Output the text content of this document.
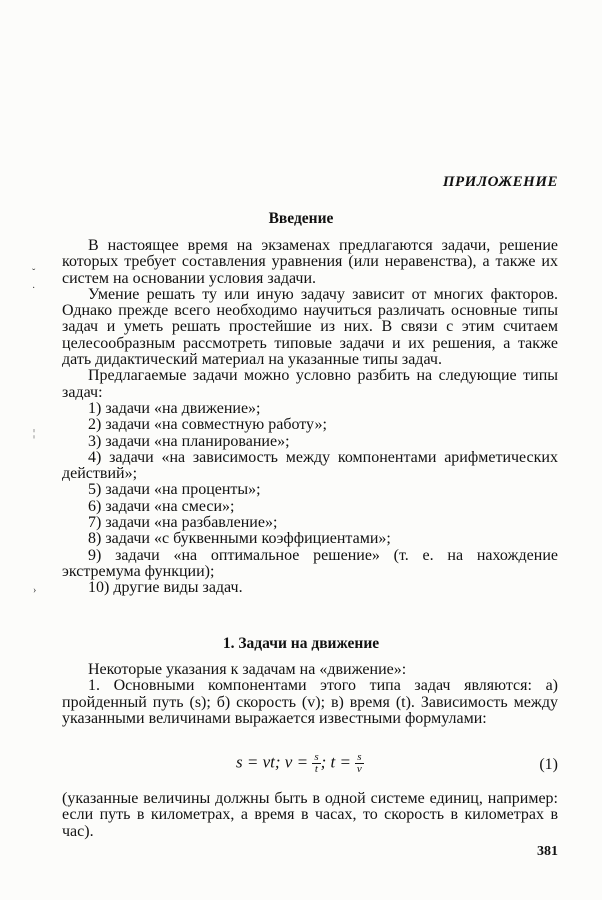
ˇ
·
¦
›
ПРИЛОЖЕНИЕ
Введение

В настоящее время на экзаменах предлагаются задачи, решение которых требует составления уравнения (или неравенства), а также их систем на основании условия задачи.

Умение решать ту или иную задачу зависит от многих факторов. Однако прежде всего необходимо научиться различать основные типы задач и уметь решать простейшие из них. В связи с этим считаем целесообразным рассмотреть типовые задачи и их решения, а также дать дидактический материал на указанные типы задач.

Предлагаемые задачи можно условно разбить на следующие типы задач:

1) задачи «на движение»;

2) задачи «на совместную работу»;

3) задачи «на планирование»;

4) задачи «на зависимость между компонентами арифметических действий»;

5) задачи «на проценты»;

6) задачи «на смеси»;

7) задачи «на разбавление»;

8) задачи «с буквенными коэффициентами»;

9) задачи «на оптимальное решение» (т. е. на нахождение экстремума функции);

10) другие виды задач.

1. Задачи на движение

Некоторые указания к задачам на «движение»:

1. Основными компонентами этого типа задач являются: а) пройденный путь (s); б) скорость (v); в) время (t). Зависимость между указанными величинами выражается известными формулами:

s = vt; $v = \frac{s}{t}$ ; $t = \frac{s}{v}$	(1)

(указанные величины должны быть в одной системе единиц, например: если путь в километрах, а время в часах, то скорость в километрах в час).

381
